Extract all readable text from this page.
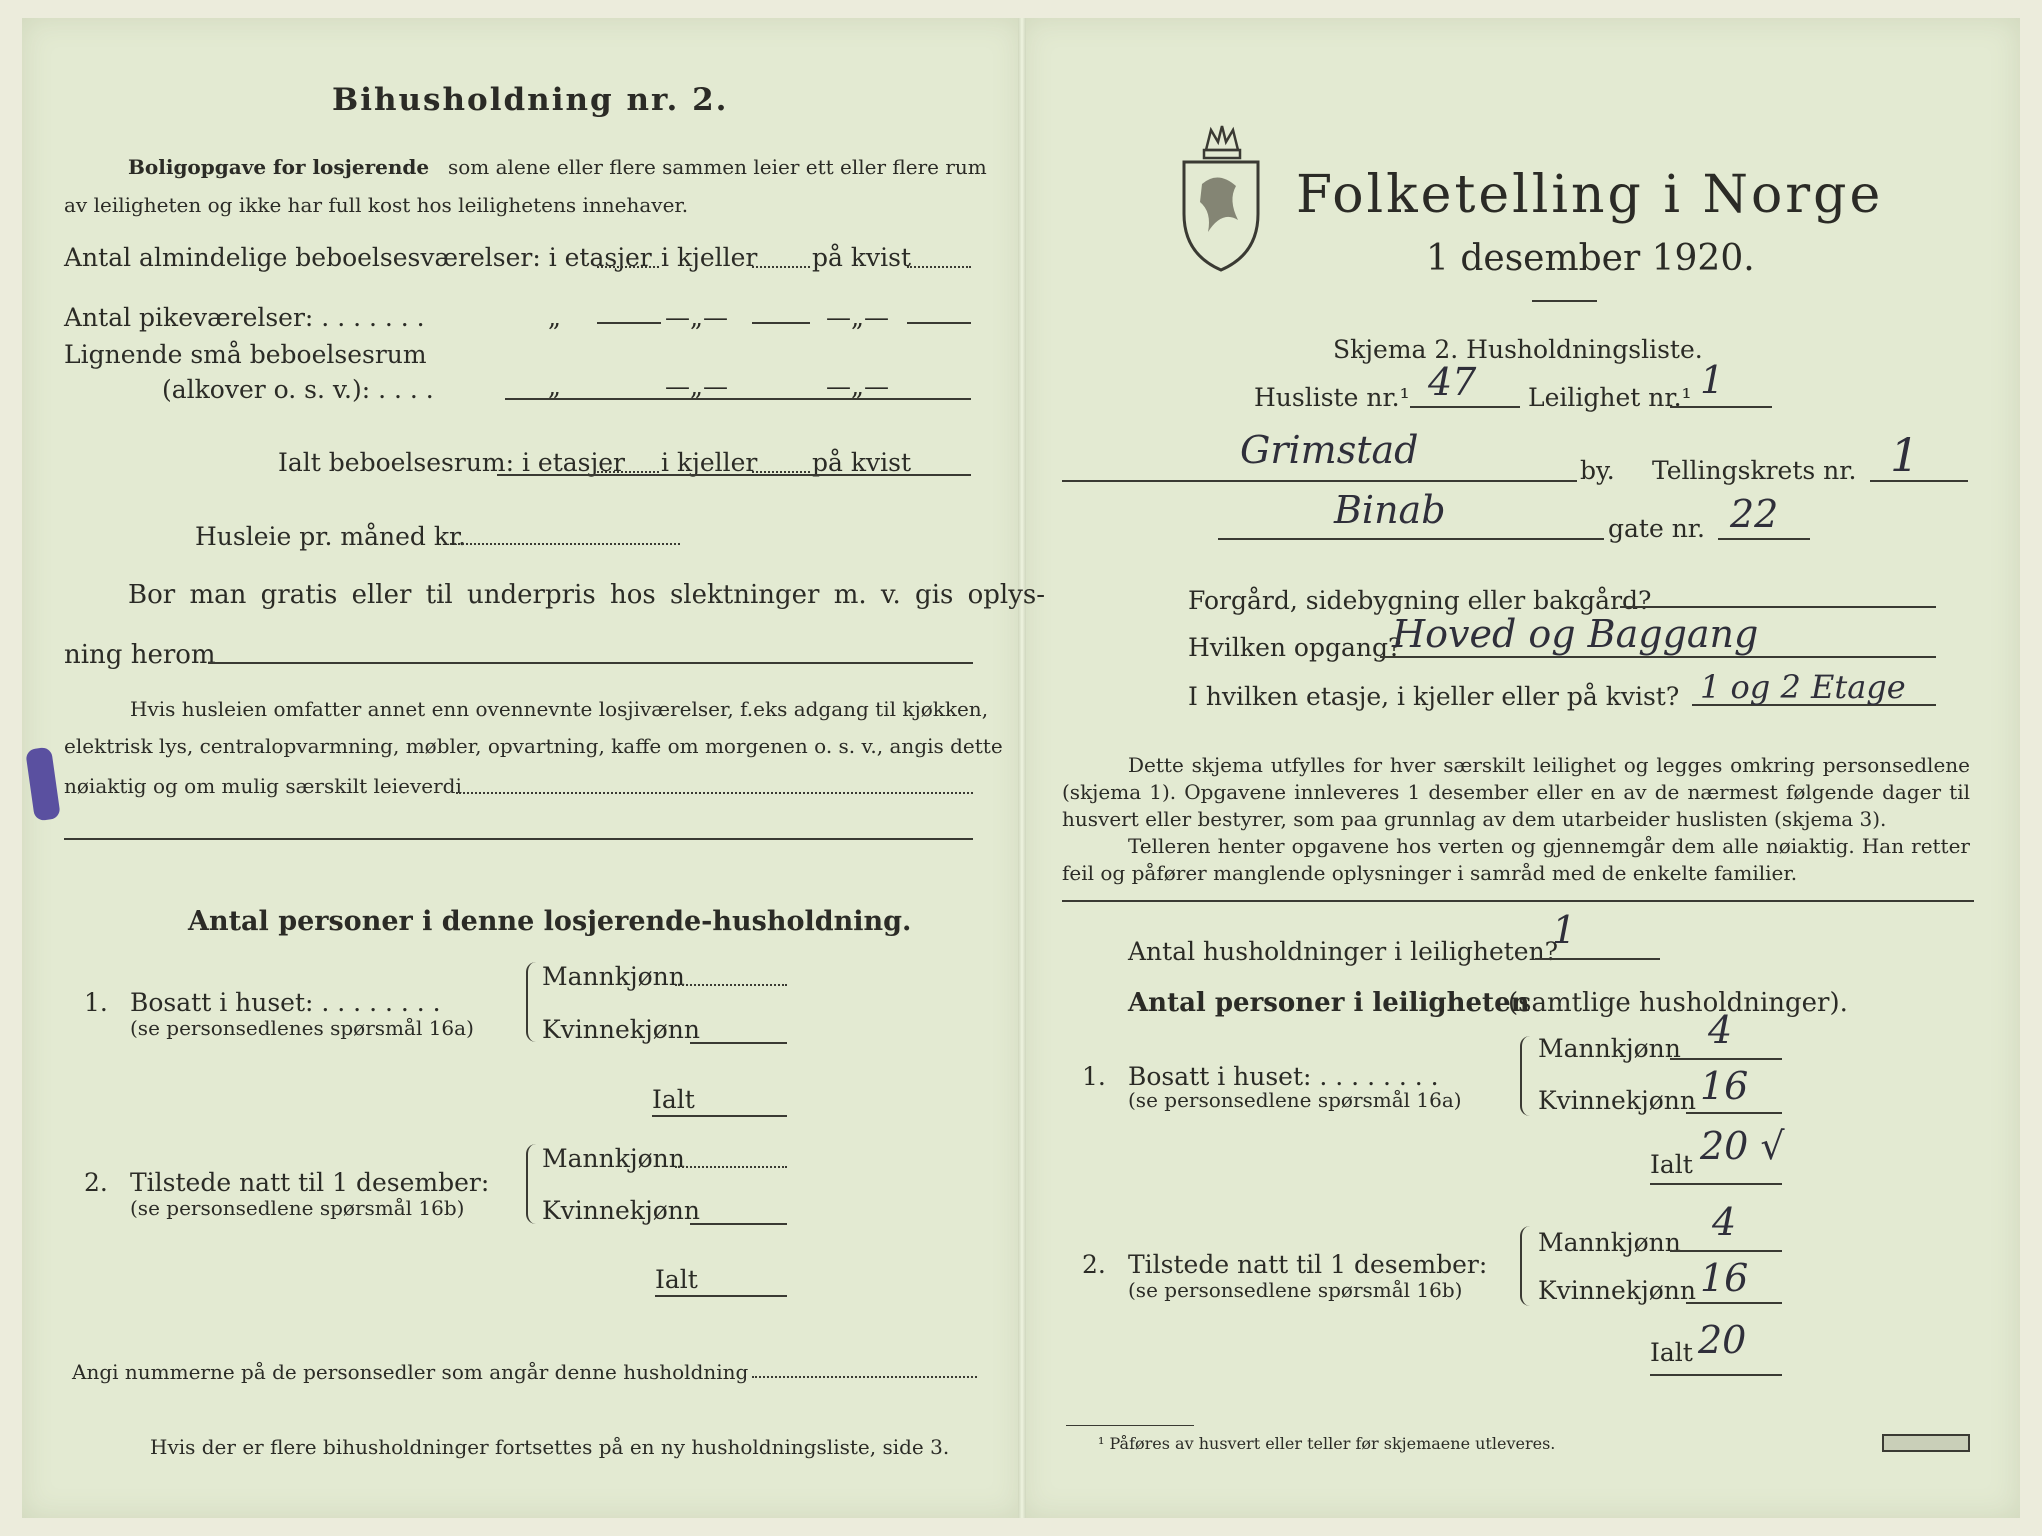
Bihusholdning nr. 2.
Boligopgave for losjerende som alene eller flere sammen leier ett eller flere rum
av leiligheten og ikke har full kost hos leilighetens innehaver.
Antal almindelige beboelsesværelser: i etasjer i kjeller på kvist
Antal pikeværelser: . . . . . . .	„	—„—	—„—
Lignende små beboelsesrum
(alkover o. s. v.): . . . .	„	—„—	—„—
Ialt beboelsesrum: i etasjer i kjeller på kvist
Husleie pr. måned kr.
Bor man gratis eller til underpris hos slektninger m. v. gis oplys-
ning herom
Hvis husleien omfatter annet enn ovennevnte losjiværelser, f.eks adgang til kjøkken,
elektrisk lys, centralopvarmning, møbler, opvartning, kaffe om morgenen o. s. v., angis dette
nøiaktig og om mulig særskilt leieverdi
Antal personer i denne losjerende-husholdning.
1. Bosatt i huset: . . . . . . . .
(se personsedlenes spørsmål 16a)
Mannkjønn
Kvinnekjønn
Ialt
2. Tilstede natt til 1 desember:
(se personsedlene spørsmål 16b)
Mannkjønn
Kvinnekjønn
Ialt
Angi nummerne på de personsedler som angår denne husholdning
Hvis der er flere bihusholdninger fortsettes på en ny husholdningsliste, side 3.
Folketelling i Norge
1 desember 1920.
Skjema 2. Husholdningsliste.
Husliste nr.¹ 47 Leilighet nr.¹ 1
Grimstad	by. Tellingskrets nr. 1
Binab	gate nr. 22
Forgård, sidebygning eller bakgård?
Hvilken opgang?
Hoved og Baggang
I hvilken etasje, i kjeller eller på kvist? 1 og 2 Etage
Dette skjema utfylles for hver særskilt leilighet og legges omkring personsedlene (skjema 1). Opgavene innleveres 1 desember eller en av de nærmest følgende dager til husvert eller bestyrer, som paa grunnlag av dem utarbeider huslisten (skjema 3).
Telleren henter opgavene hos verten og gjennemgår dem alle nøiaktig. Han retter feil og påfører manglende oplysninger i samråd med de enkelte familier.
Antal husholdninger i leiligheten?
1
Antal personer i leiligheten
(samtlige husholdninger).
1. Bosatt i huset: . . . . . . . .
(se personsedlene spørsmål 16a)
Mannkjønn 4
Kvinnekjønn 16
Ialt 20 √
2. Tilstede natt til 1 desember:
(se personsedlene spørsmål 16b)
Mannkjønn 4
Kvinnekjønn 16
Ialt 20
¹ Påføres av husvert eller teller før skjemaene utleveres.
